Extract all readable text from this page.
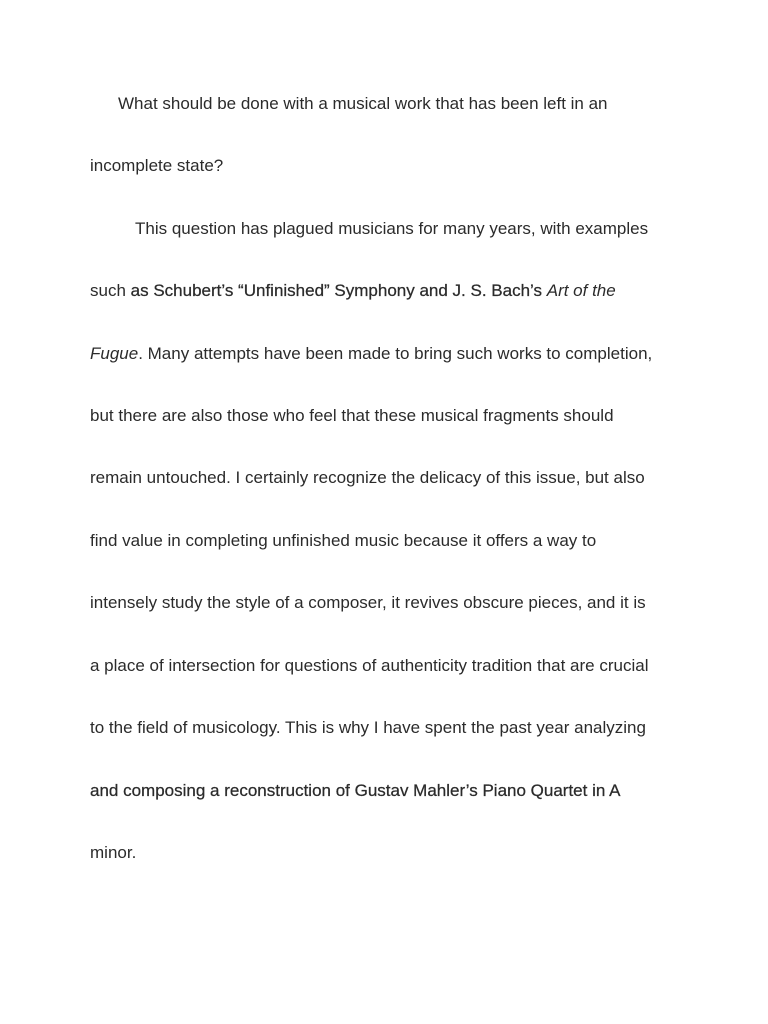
What should be done with a musical work that has been left in an

incomplete state?

This question has plagued musicians for many years, with examples

such as Schubert’s “Unfinished” Symphony and J. S. Bach’s Art of the

Fugue. Many attempts have been made to bring such works to completion,

but there are also those who feel that these musical fragments should

remain untouched. I certainly recognize the delicacy of this issue, but also

find value in completing unfinished music because it offers a way to

intensely study the style of a composer, it revives obscure pieces, and it is

a place of intersection for questions of authenticity tradition that are crucial

to the field of musicology. This is why I have spent the past year analyzing

and composing a reconstruction of Gustav Mahler’s Piano Quartet in A

minor.
